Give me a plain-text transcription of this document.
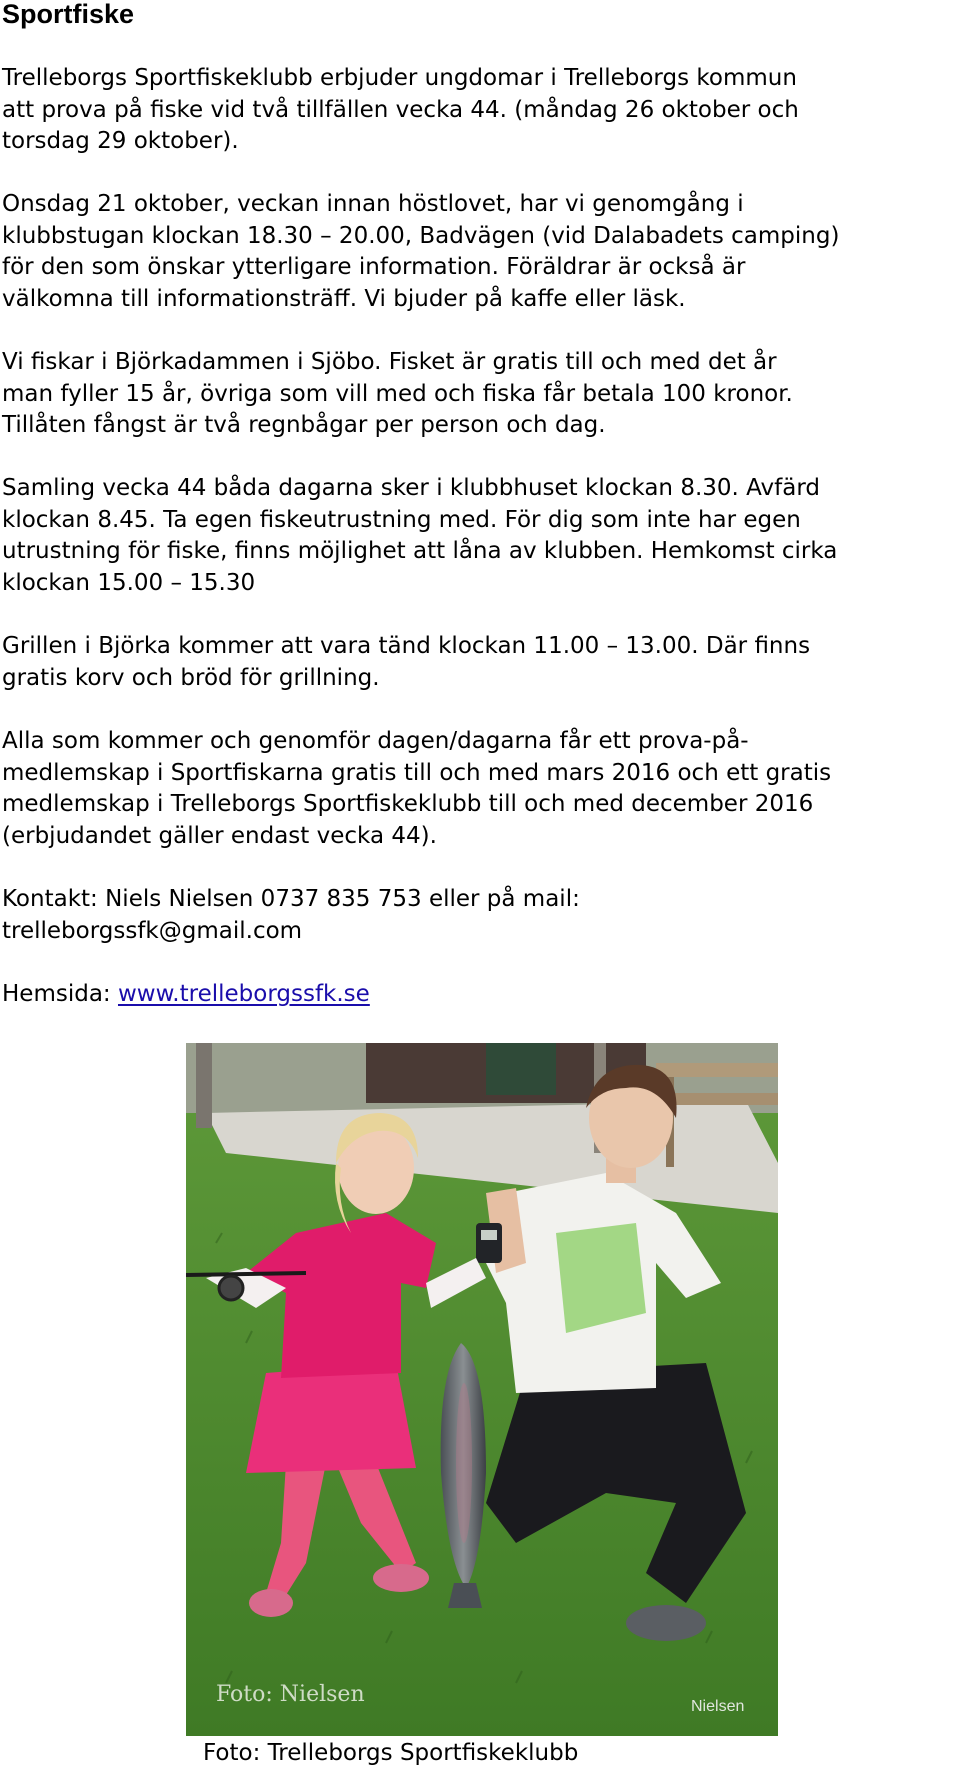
Sportfiske

Trelleborgs Sportfiskeklubb erbjuder ungdomar i Trelleborgs kommun
att prova på fiske vid två tillfällen vecka 44. (måndag 26 oktober och
torsdag 29 oktober).

Onsdag 21 oktober, veckan innan höstlovet, har vi genomgång i
klubbstugan klockan 18.30 – 20.00, Badvägen (vid Dalabadets camping)
för den som önskar ytterligare information. Föräldrar är också är
välkomna till informationsträff. Vi bjuder på kaffe eller läsk.

Vi fiskar i Björkadammen i Sjöbo. Fisket är gratis till och med det år
man fyller 15 år, övriga som vill med och fiska får betala 100 kronor.
Tillåten fångst är två regnbågar per person och dag.

Samling vecka 44 båda dagarna sker i klubbhuset klockan 8.30. Avfärd
klockan 8.45. Ta egen fiskeutrustning med. För dig som inte har egen
utrustning för fiske, finns möjlighet att låna av klubben. Hemkomst cirka
klockan 15.00 – 15.30

Grillen i Björka kommer att vara tänd klockan 11.00 – 13.00. Där finns
gratis korv och bröd för grillning.

Alla som kommer och genomför dagen/dagarna får ett prova-på-
medlemskap i Sportfiskarna gratis till och med mars 2016 och ett gratis
medlemskap i Trelleborgs Sportfiskeklubb till och med december 2016
(erbjudandet gäller endast vecka 44).

Kontakt: Niels Nielsen 0737 835 753 eller på mail:
trelleborgssfk@gmail.com

Hemsida: www.trelleborgssfk.se

Foto: Nielsen	Nielsen

Foto: Trelleborgs Sportfiskeklubb
